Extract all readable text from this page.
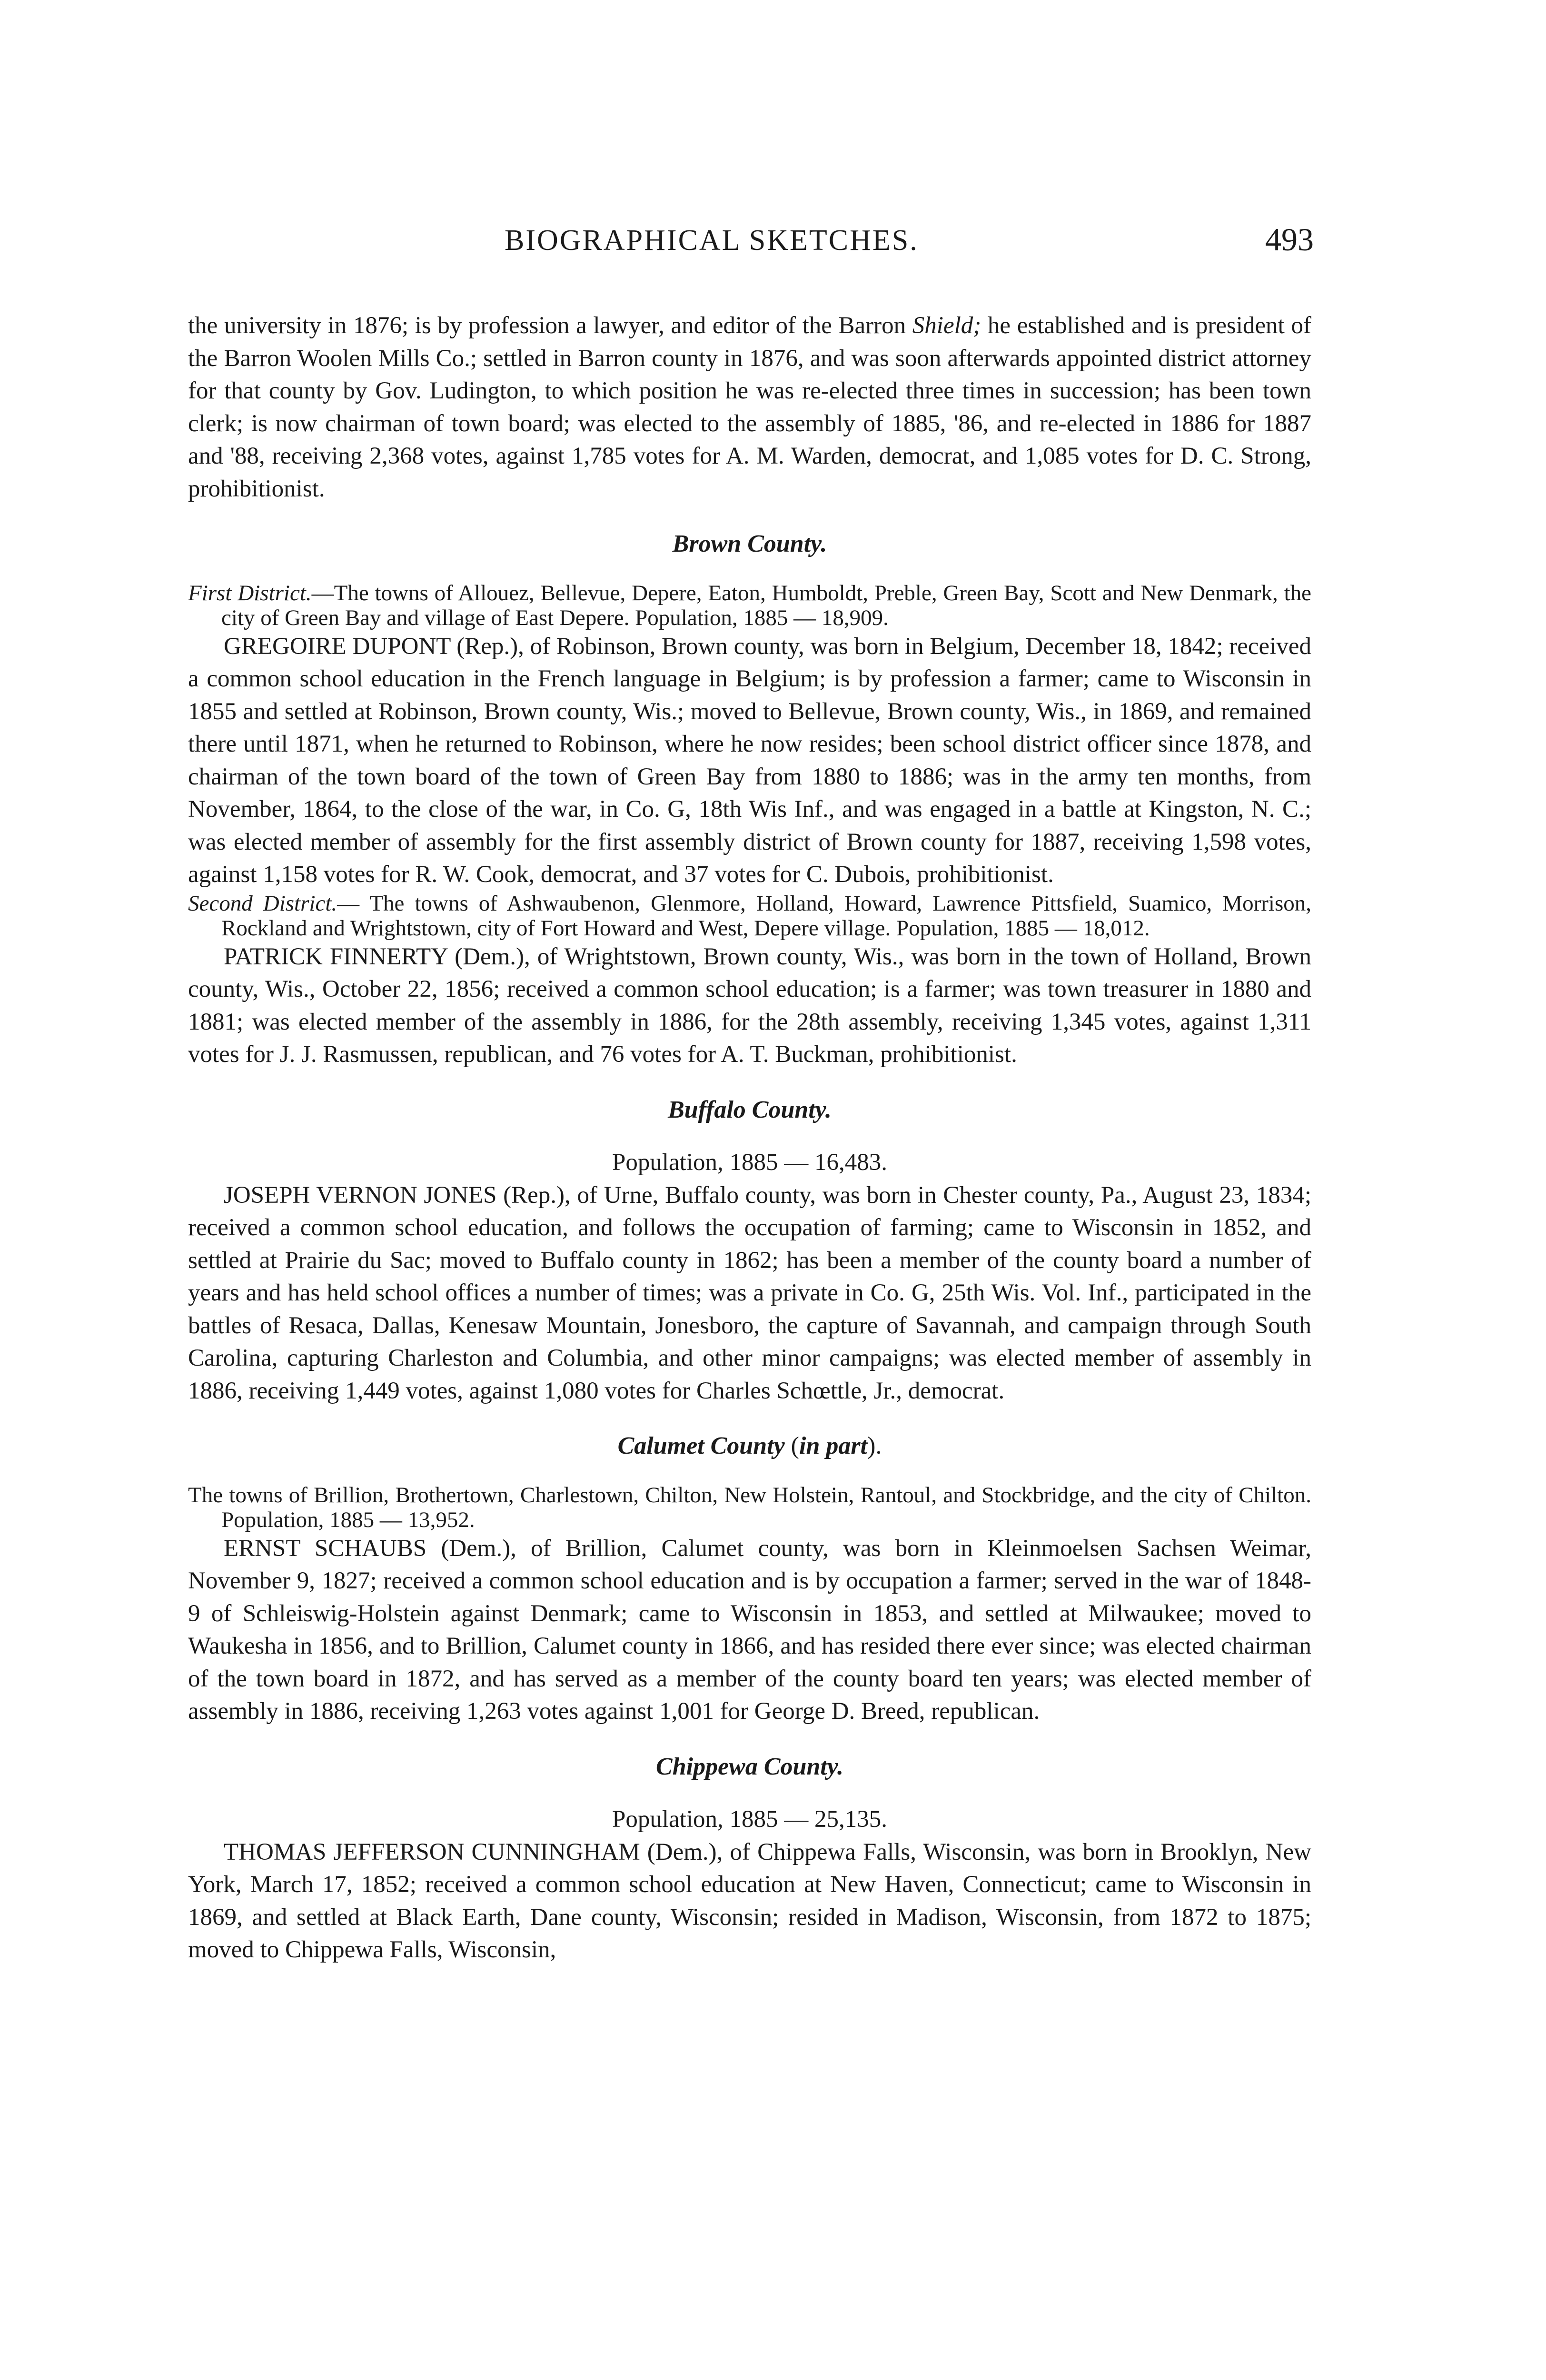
BIOGRAPHICAL SKETCHES.	493

the university in 1876; is by profession a lawyer, and editor of the Barron Shield; he established and is president of the Barron Woolen Mills Co.; settled in Barron county in 1876, and was soon afterwards appointed district attorney for that county by Gov. Ludington, to which position he was re-elected three times in succession; has been town clerk; is now chairman of town board; was elected to the assembly of 1885, '86, and re-elected in 1886 for 1887 and '88, receiving 2,368 votes, against 1,785 votes for A. M. Warden, democrat, and 1,085 votes for D. C. Strong, prohibitionist.

Brown County.

First District.—The towns of Allouez, Bellevue, Depere, Eaton, Humboldt, Preble, Green Bay, Scott and New Denmark, the city of Green Bay and village of East Depere. Population, 1885 — 18,909.

GREGOIRE DUPONT (Rep.), of Robinson, Brown county, was born in Belgium, December 18, 1842; received a common school education in the French language in Belgium; is by profession a farmer; came to Wisconsin in 1855 and settled at Robinson, Brown county, Wis.; moved to Bellevue, Brown county, Wis., in 1869, and remained there until 1871, when he returned to Robinson, where he now resides; been school district officer since 1878, and chairman of the town board of the town of Green Bay from 1880 to 1886; was in the army ten months, from November, 1864, to the close of the war, in Co. G, 18th Wis Inf., and was engaged in a battle at Kingston, N. C.; was elected member of assembly for the first assembly district of Brown county for 1887, receiving 1,598 votes, against 1,158 votes for R. W. Cook, democrat, and 37 votes for C. Dubois, prohibitionist.

Second District.— The towns of Ashwaubenon, Glenmore, Holland, Howard, Lawrence Pittsfield, Suamico, Morrison, Rockland and Wrightstown, city of Fort Howard and West, Depere village. Population, 1885 — 18,012.

PATRICK FINNERTY (Dem.), of Wrightstown, Brown county, Wis., was born in the town of Holland, Brown county, Wis., October 22, 1856; received a common school education; is a farmer; was town treasurer in 1880 and 1881; was elected member of the assembly in 1886, for the 28th assembly, receiving 1,345 votes, against 1,311 votes for J. J. Rasmussen, republican, and 76 votes for A. T. Buckman, prohibitionist.

Buffalo County.

Population, 1885 — 16,483.

JOSEPH VERNON JONES (Rep.), of Urne, Buffalo county, was born in Chester county, Pa., August 23, 1834; received a common school education, and follows the occupation of farming; came to Wisconsin in 1852, and settled at Prairie du Sac; moved to Buffalo county in 1862; has been a member of the county board a number of years and has held school offices a number of times; was a private in Co. G, 25th Wis. Vol. Inf., participated in the battles of Resaca, Dallas, Kenesaw Mountain, Jonesboro, the capture of Savannah, and campaign through South Carolina, capturing Charleston and Columbia, and other minor campaigns; was elected member of assembly in 1886, receiving 1,449 votes, against 1,080 votes for Charles Schœttle, Jr., democrat.

Calumet County (in part).

The towns of Brillion, Brothertown, Charlestown, Chilton, New Holstein, Rantoul, and Stockbridge, and the city of Chilton. Population, 1885 — 13,952.

ERNST SCHAUBS (Dem.), of Brillion, Calumet county, was born in Kleinmoelsen Sachsen Weimar, November 9, 1827; received a common school education and is by occupation a farmer; served in the war of 1848-9 of Schleiswig-Holstein against Denmark; came to Wisconsin in 1853, and settled at Milwaukee; moved to Waukesha in 1856, and to Brillion, Calumet county in 1866, and has resided there ever since; was elected chairman of the town board in 1872, and has served as a member of the county board ten years; was elected member of assembly in 1886, receiving 1,263 votes against 1,001 for George D. Breed, republican.

Chippewa County.

Population, 1885 — 25,135.

THOMAS JEFFERSON CUNNINGHAM (Dem.), of Chippewa Falls, Wisconsin, was born in Brooklyn, New York, March 17, 1852; received a common school education at New Haven, Connecticut; came to Wisconsin in 1869, and settled at Black Earth, Dane county, Wisconsin; resided in Madison, Wisconsin, from 1872 to 1875; moved to Chippewa Falls, Wisconsin,
